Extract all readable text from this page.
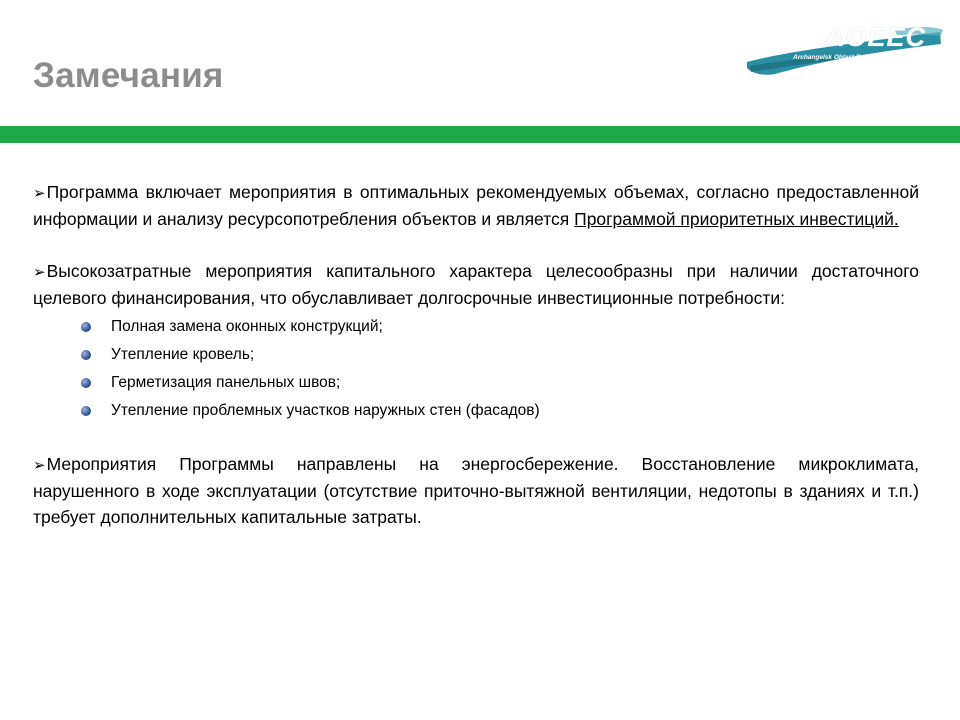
Замечания
AOEEC
Archangelsk Oblast Energy Efficiency Centre

➢Программа включает мероприятия в оптимальных рекомендуемых объемах, согласно предоставленной информации и анализу ресурсопотребления объектов и является Программой приоритетных инвестиций.

➢Высокозатратные мероприятия капитального характера целесообразны при наличии достаточного целевого финансирования, что обуславливает долгосрочные инвестиционные потребности:

Полная замена оконных конструкций;
Утепление кровель;
Герметизация панельных швов;
Утепление проблемных участков наружных стен (фасадов)

➢Мероприятия Программы направлены на энергосбережение. Восстановление микроклимата, нарушенного в ходе эксплуатации (отсутствие приточно-вытяжной вентиляции, недотопы в зданиях и т.п.) требует дополнительных капитальные затраты.
